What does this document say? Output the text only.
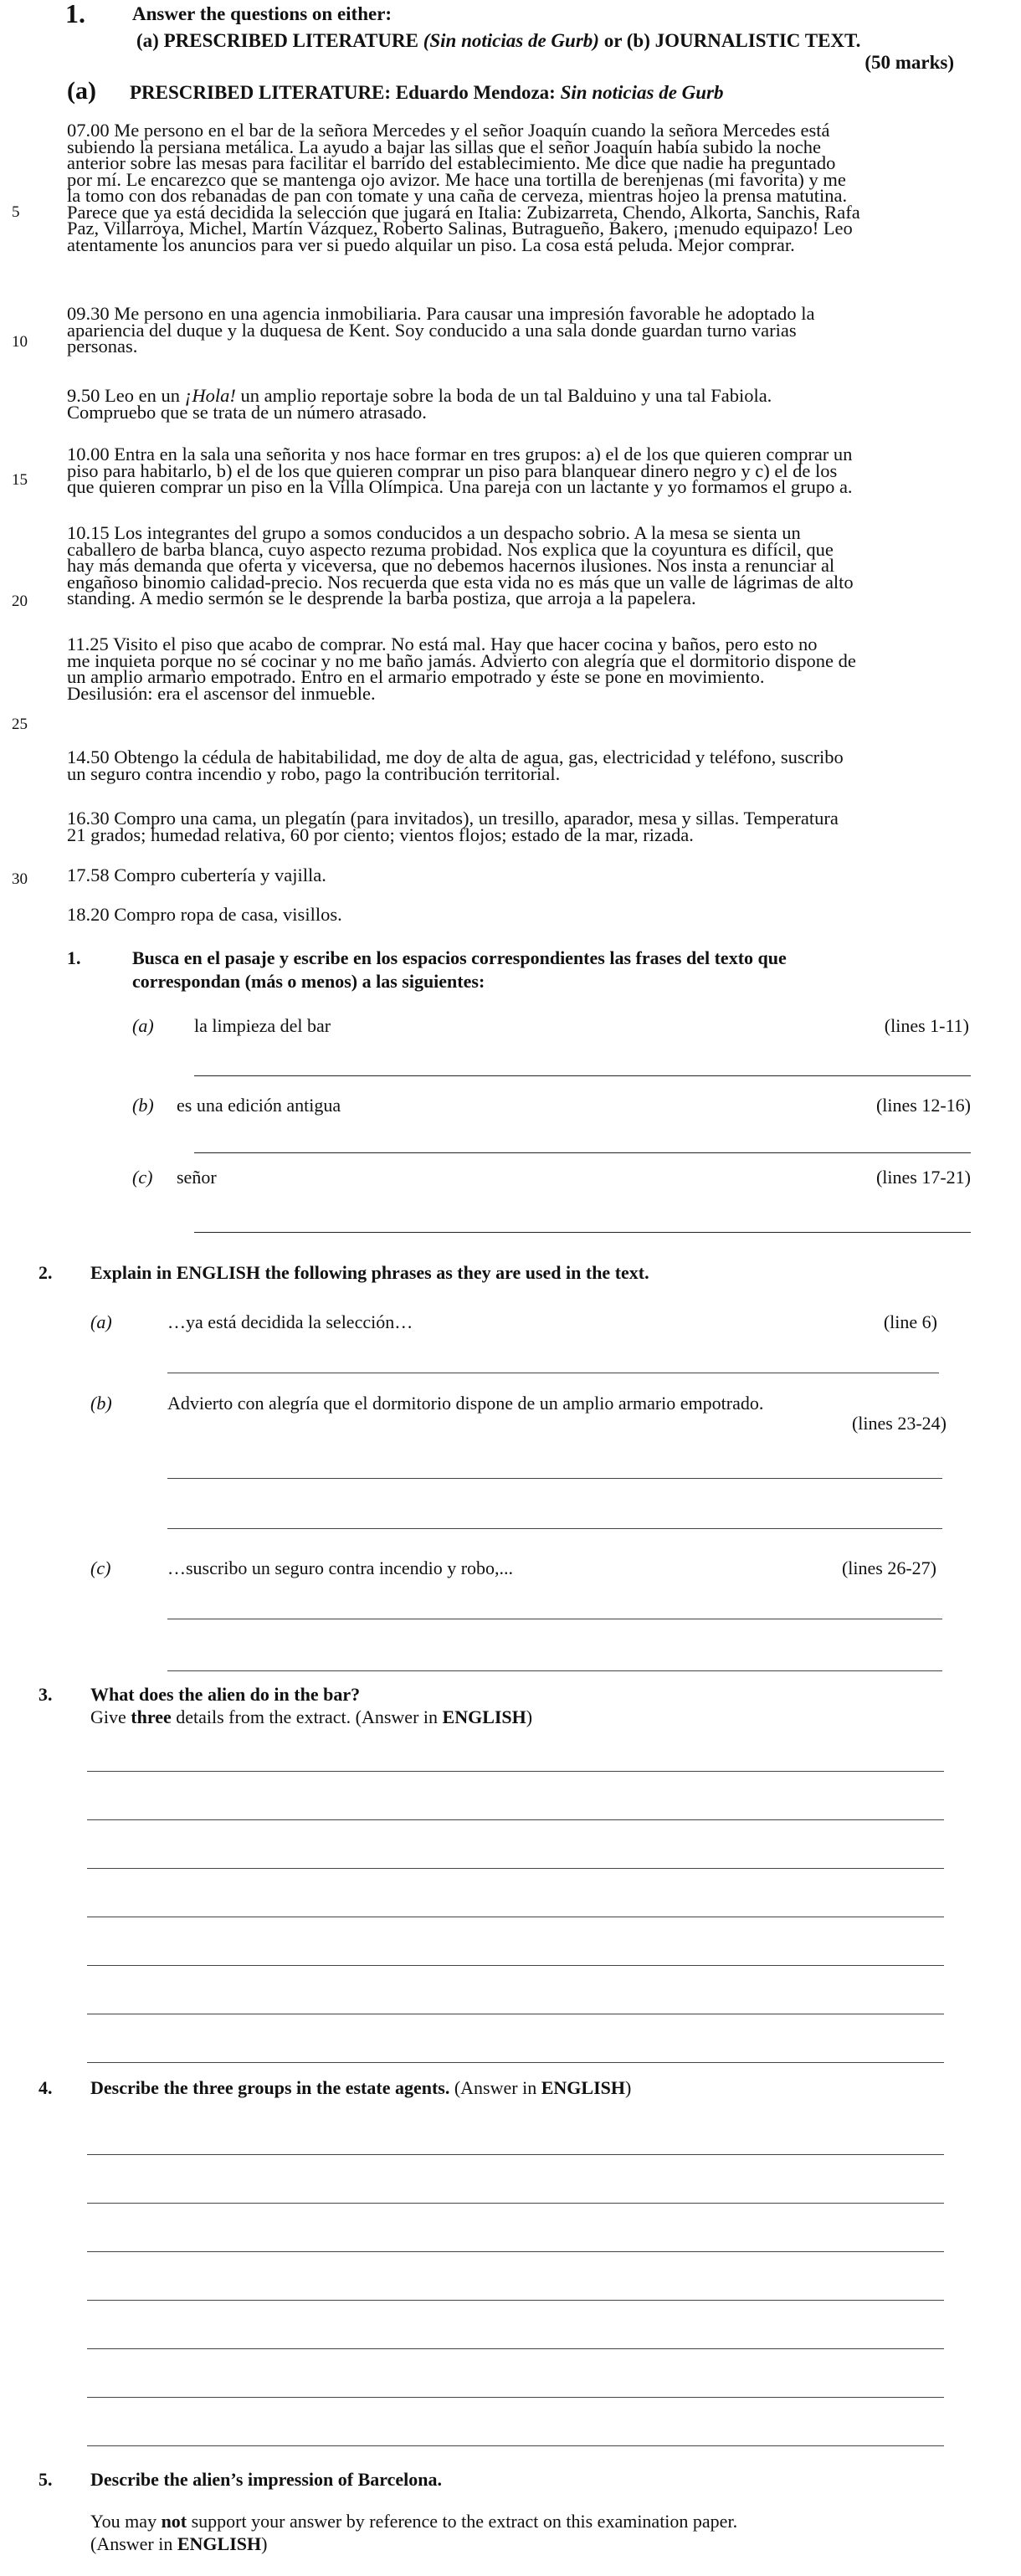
1. Answer the questions on either:
(a) PRESCRIBED LITERATURE (Sin noticias de Gurb) or (b) JOURNALISTIC TEXT.
(50 marks)
(a) PRESCRIBED LITERATURE: Eduardo Mendoza: Sin noticias de Gurb
5
10
15
20
25
30
07.00 Me persono en el bar de la señora Mercedes y el señor Joaquín cuando la señora Mercedes está
subiendo la persiana metálica. La ayudo a bajar las sillas que el señor Joaquín había subido la noche
anterior sobre las mesas para facilitar el barrido del establecimiento. Me dice que nadie ha preguntado
por mí. Le encarezco que se mantenga ojo avizor. Me hace una tortilla de berenjenas (mi favorita) y me
la tomo con dos rebanadas de pan con tomate y una caña de cerveza, mientras hojeo la prensa matutina.
Parece que ya está decidida la selección que jugará en Italia: Zubizarreta, Chendo, Alkorta, Sanchis, Rafa
Paz, Villarroya, Michel, Martín Vázquez, Roberto Salinas, Butragueño, Bakero, ¡menudo equipazo! Leo
atentamente los anuncios para ver si puedo alquilar un piso. La cosa está peluda. Mejor comprar.
09.30 Me persono en una agencia inmobiliaria. Para causar una impresión favorable he adoptado la
apariencia del duque y la duquesa de Kent. Soy conducido a una sala donde guardan turno varias
personas.
9.50 Leo en un ¡Hola! un amplio reportaje sobre la boda de un tal Balduino y una tal Fabiola.
Compruebo que se trata de un número atrasado.
10.00 Entra en la sala una señorita y nos hace formar en tres grupos: a) el de los que quieren comprar un
piso para habitarlo, b) el de los que quieren comprar un piso para blanquear dinero negro y c) el de los
que quieren comprar un piso en la Villa Olímpica. Una pareja con un lactante y yo formamos el grupo a.
10.15 Los integrantes del grupo a somos conducidos a un despacho sobrio. A la mesa se sienta un
caballero de barba blanca, cuyo aspecto rezuma probidad. Nos explica que la coyuntura es difícil, que
hay más demanda que oferta y viceversa, que no debemos hacernos ilusiones. Nos insta a renunciar al
engañoso binomio calidad-precio. Nos recuerda que esta vida no es más que un valle de lágrimas de alto
standing. A medio sermón se le desprende la barba postiza, que arroja a la papelera.
11.25 Visito el piso que acabo de comprar. No está mal. Hay que hacer cocina y baños, pero esto no
me inquieta porque no sé cocinar y no me baño jamás. Advierto con alegría que el dormitorio dispone de
un amplio armario empotrado. Entro en el armario empotrado y éste se pone en movimiento.
Desilusión: era el ascensor del inmueble.
14.50 Obtengo la cédula de habitabilidad, me doy de alta de agua, gas, electricidad y teléfono, suscribo
un seguro contra incendio y robo, pago la contribución territorial.
16.30 Compro una cama, un plegatín (para invitados), un tresillo, aparador, mesa y sillas. Temperatura
21 grados; humedad relativa, 60 por ciento; vientos flojos; estado de la mar, rizada.
17.58 Compro cubertería y vajilla.
18.20 Compro ropa de casa, visillos.
1.	Busca en el pasaje y escribe en los espacios correspondientes las frases del texto que
correspondan (más o menos) a las siguientes:
(a) la limpieza del bar	(lines 1-11)
(b) es una edición antigua	(lines 12-16)
(c) señor	(lines 17-21)
2. Explain in ENGLISH the following phrases as they are used in the text.
(a)	…ya está decidida la selección…	(line 6)
(b)	Advierto con alegría que el dormitorio dispone de un amplio armario empotrado.
(lines 23-24)
(c)	…suscribo un seguro contra incendio y robo,...	(lines 26-27)
3. What does the alien do in the bar?
Give three details from the extract. (Answer in ENGLISH)
4. Describe the three groups in the estate agents. (Answer in ENGLISH)
5. Describe the alien’s impression of Barcelona.
You may not support your answer by reference to the extract on this examination paper.
(Answer in ENGLISH)
